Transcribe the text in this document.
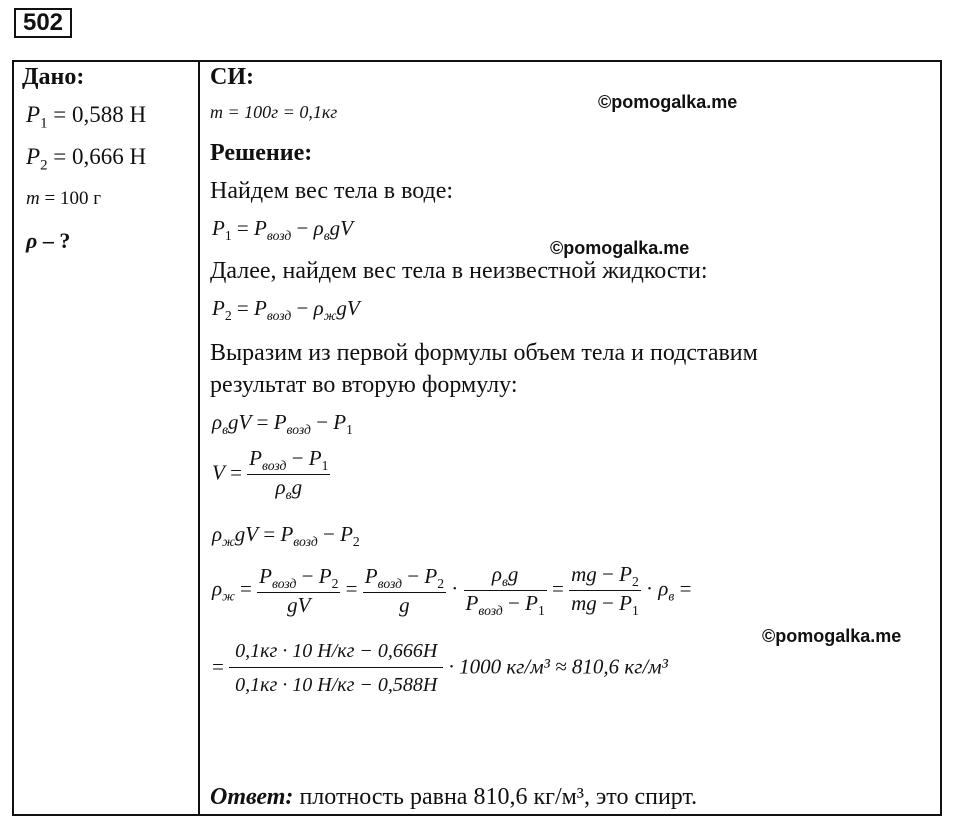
502
Дано:
$P_1 = 0,588$ Н
$P_2 = 0,666$ Н
m = 100 г
ρ – ?
СИ:
m = 100г = 0,1кг	©pomogalka.me
Решение:
Найдем вес тела в воде:
$P_1 = P_{возд} - \rho_вgV$
©pomogalka.me
Далее, найдем вес тела в неизвестной жидкости:
$P_2 = P_{возд} - \rho_жgV$
Выразим из первой формулы объем тела и подставим
результат во вторую формулу:
$\rho_вgV = P_{возд} - P_1$
$V = \frac{P_{возд} - P_1}{\rho_вg}$
$\rho_жgV = P_{возд} - P_2$
$\rho_ж = \frac{P_{возд} - P_2}{gV} = \frac{P_{возд} - P_2}{g} \cdot \frac{\rho_вg}{P_{возд} - P_1} = \frac{mg - P_2}{mg - P_1} \cdot \rho_в$ =
©pomogalka.me
= $\frac{0,1кг \cdot 10 Н/кг - 0,666Н}{0,1кг \cdot 10 Н/кг - 0,588Н} \cdot 1000$ кг/м³ ≈ 810,6 кг/м³
Ответ: плотность равна 810,6 кг/м³, это спирт.
